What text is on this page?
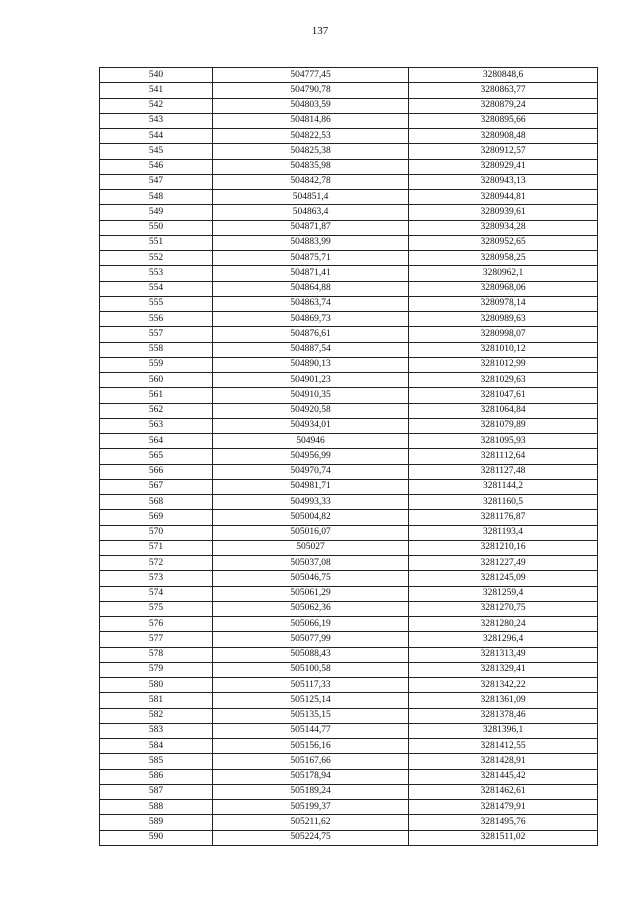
137
540	504777,45	3280848,6
541	504790,78	3280863,77
542	504803,59	3280879,24
543	504814,86	3280895,66
544	504822,53	3280908,48
545	504825,38	3280912,57
546	504835,98	3280929,41
547	504842,78	3280943,13
548	504851,4	3280944,81
549	504863,4	3280939,61
550	504871,87	3280934,28
551	504883,99	3280952,65
552	504875,71	3280958,25
553	504871,41	3280962,1
554	504864,88	3280968,06
555	504863,74	3280978,14
556	504869,73	3280989,63
557	504876,61	3280998,07
558	504887,54	3281010,12
559	504890,13	3281012,99
560	504901,23	3281029,63
561	504910,35	3281047,61
562	504920,58	3281064,84
563	504934,01	3281079,89
564	504946	3281095,93
565	504956,99	3281112,64
566	504970,74	3281127,48
567	504981,71	3281144,2
568	504993,33	3281160,5
569	505004,82	3281176,87
570	505016,07	3281193,4
571	505027	3281210,16
572	505037,08	3281227,49
573	505046,75	3281245,09
574	505061,29	3281259,4
575	505062,36	3281270,75
576	505066,19	3281280,24
577	505077,99	3281296,4
578	505088,43	3281313,49
579	505100,58	3281329,41
580	505117,33	3281342,22
581	505125,14	3281361,09
582	505135,15	3281378,46
583	505144,77	3281396,1
584	505156,16	3281412,55
585	505167,66	3281428,91
586	505178,94	3281445,42
587	505189,24	3281462,61
588	505199,37	3281479,91
589	505211,62	3281495,76
590	505224,75	3281511,02
